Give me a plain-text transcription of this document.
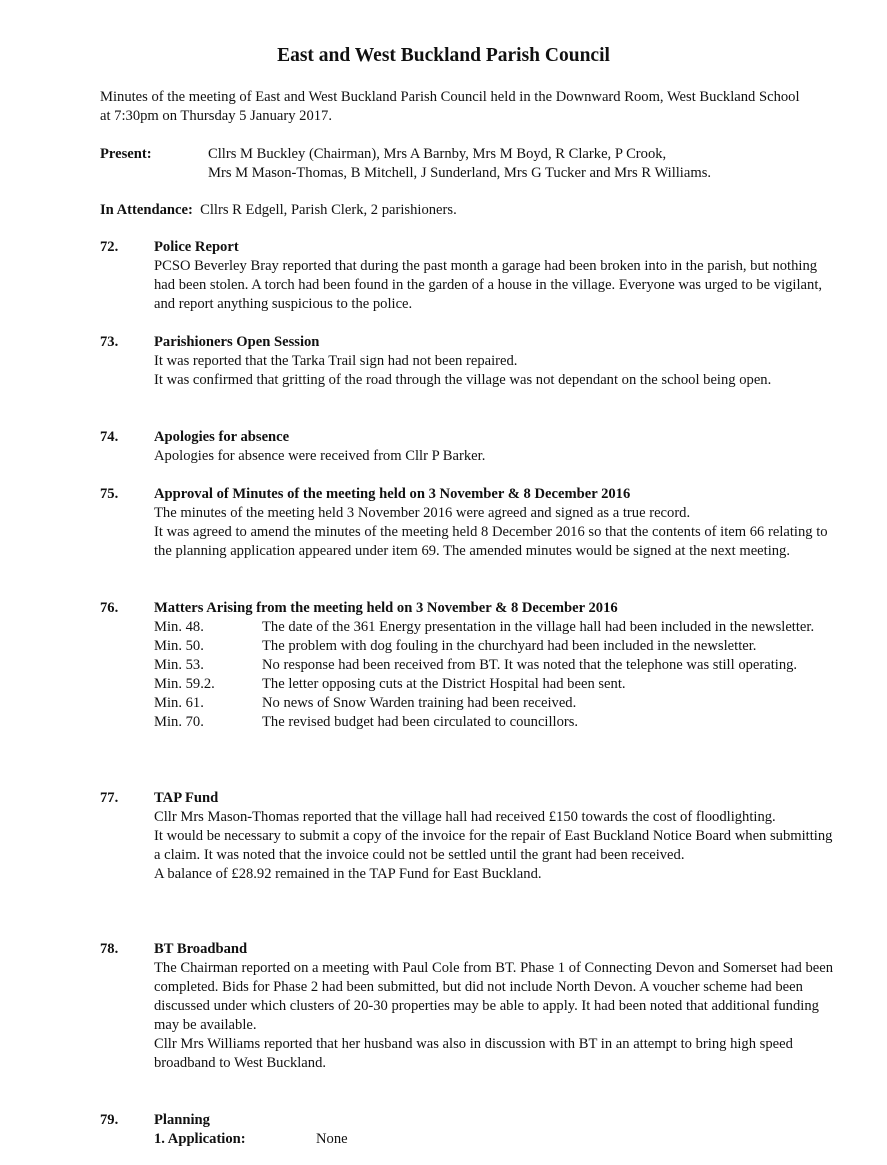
East and West Buckland Parish Council
Minutes of the meeting of East and West Buckland Parish Council held in the Downward Room, West Buckland School at 7:30pm on Thursday 5 January 2017.
Present:	Cllrs M Buckley (Chairman), Mrs A Barnby, Mrs M Boyd, R Clarke, P Crook,
Mrs M Mason-Thomas, B Mitchell, J Sunderland, Mrs G Tucker and Mrs R Williams.
In Attendance: Cllrs R Edgell, Parish Clerk, 2 parishioners.
72.	Police Report

PCSO Beverley Bray reported that during the past month a garage had been broken into in the parish, but nothing had been stolen. A torch had been found in the garden of a house in the village. Everyone was urged to be vigilant, and report anything suspicious to the police.

73.	Parishioners Open Session

It was reported that the Tarka Trail sign had not been repaired.

It was confirmed that gritting of the road through the village was not dependant on the school being open.

74.	Apologies for absence

Apologies for absence were received from Cllr P Barker.

75.	Approval of Minutes of the meeting held on 3 November & 8 December 2016

The minutes of the meeting held 3 November 2016 were agreed and signed as a true record.

It was agreed to amend the minutes of the meeting held 8 December 2016 so that the contents of item 66 relating to the planning application appeared under item 69. The amended minutes would be signed at the next meeting.

76.	Matters Arising from the meeting held on 3 November & 8 December 2016
Min. 48.	The date of the 361 Energy presentation in the village hall had been included in the newsletter.
Min. 50.	The problem with dog fouling in the churchyard had been included in the newsletter.
Min. 53.	No response had been received from BT. It was noted that the telephone was still operating.
Min. 59.2.	The letter opposing cuts at the District Hospital had been sent.
Min. 61.	No news of Snow Warden training had been received.
Min. 70.	The revised budget had been circulated to councillors.
77.	TAP Fund

Cllr Mrs Mason-Thomas reported that the village hall had received £150 towards the cost of floodlighting.

It would be necessary to submit a copy of the invoice for the repair of East Buckland Notice Board when submitting a claim. It was noted that the invoice could not be settled until the grant had been received.

A balance of £28.92 remained in the TAP Fund for East Buckland.

78.	BT Broadband

The Chairman reported on a meeting with Paul Cole from BT. Phase 1 of Connecting Devon and Somerset had been completed. Bids for Phase 2 had been submitted, but did not include North Devon. A voucher scheme had been discussed under which clusters of 20-30 properties may be able to apply. It had been noted that additional funding may be available.

Cllr Mrs Williams reported that her husband was also in discussion with BT in an attempt to bring high speed broadband to West Buckland.

79.	Planning
1. Application:	None
